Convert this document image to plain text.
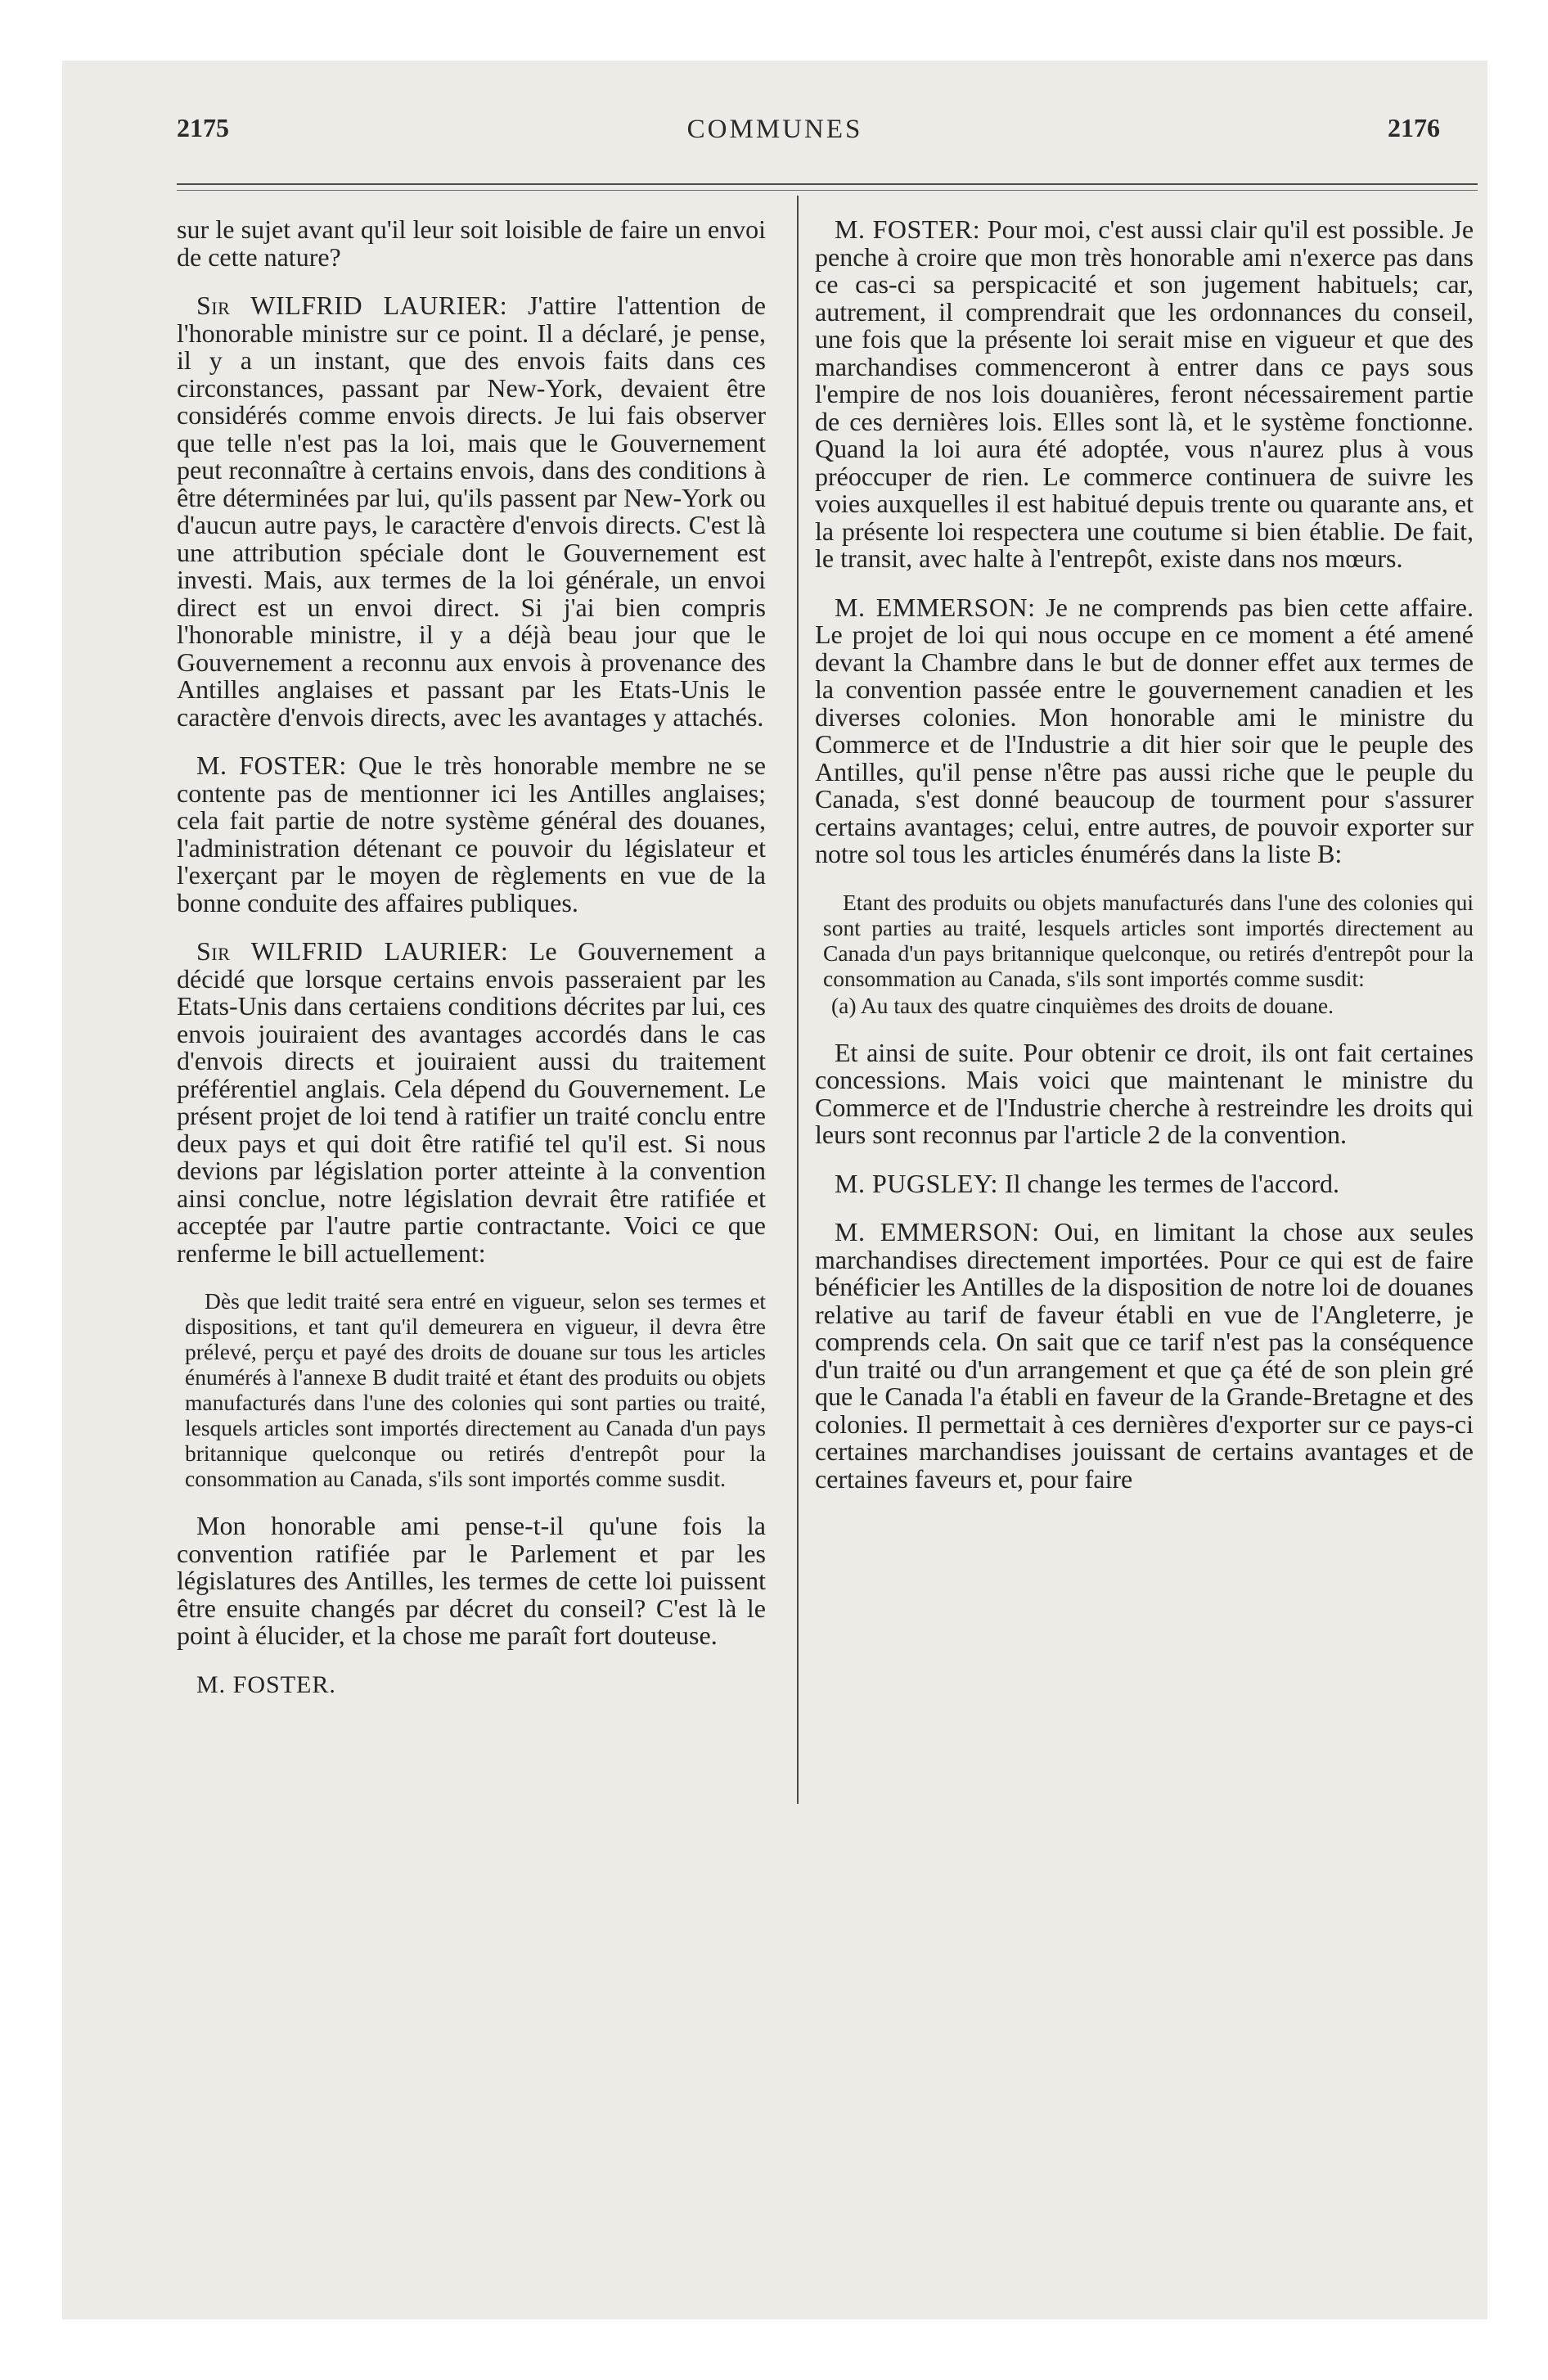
2175	COMMUNES	2176

sur le sujet avant qu'il leur soit loisible de faire un envoi de cette nature?

Sir WILFRID LAURIER: J'attire l'attention de l'honorable ministre sur ce point. Il a déclaré, je pense, il y a un instant, que des envois faits dans ces circonstances, passant par New-York, devaient être considérés comme envois directs. Je lui fais observer que telle n'est pas la loi, mais que le Gouvernement peut reconnaître à certains envois, dans des conditions à être déterminées par lui, qu'ils passent par New-York ou d'aucun autre pays, le caractère d'envois directs. C'est là une attribution spéciale dont le Gouvernement est investi. Mais, aux termes de la loi générale, un envoi direct est un envoi direct. Si j'ai bien compris l'honorable ministre, il y a déjà beau jour que le Gouvernement a reconnu aux envois à provenance des Antilles anglaises et passant par les Etats-Unis le caractère d'envois directs, avec les avantages y attachés.

M. FOSTER: Que le très honorable membre ne se contente pas de mentionner ici les Antilles anglaises; cela fait partie de notre système général des douanes, l'administration détenant ce pouvoir du législateur et l'exerçant par le moyen de règlements en vue de la bonne conduite des affaires publiques.

Sir WILFRID LAURIER: Le Gouvernement a décidé que lorsque certains envois passeraient par les Etats-Unis dans certaiens conditions décrites par lui, ces envois jouiraient des avantages accordés dans le cas d'envois directs et jouiraient aussi du traitement préférentiel anglais. Cela dépend du Gouvernement. Le présent projet de loi tend à ratifier un traité conclu entre deux pays et qui doit être ratifié tel qu'il est. Si nous devions par législation porter atteinte à la convention ainsi conclue, notre législation devrait être ratifiée et acceptée par l'autre partie contractante. Voici ce que renferme le bill actuellement:

Dès que ledit traité sera entré en vigueur, selon ses termes et dispositions, et tant qu'il demeurera en vigueur, il devra être prélevé, perçu et payé des droits de douane sur tous les articles énumérés à l'annexe B dudit traité et étant des produits ou objets manufacturés dans l'une des colonies qui sont parties ou traité, lesquels articles sont importés directement au Canada d'un pays britannique quelconque ou retirés d'entrepôt pour la consommation au Canada, s'ils sont importés comme susdit.

Mon honorable ami pense-t-il qu'une fois la convention ratifiée par le Parlement et par les législatures des Antilles, les termes de cette loi puissent être ensuite changés par décret du conseil? C'est là le point à élucider, et la chose me paraît fort douteuse.

M. FOSTER.

M. FOSTER: Pour moi, c'est aussi clair qu'il est possible. Je penche à croire que mon très honorable ami n'exerce pas dans ce cas-ci sa perspicacité et son jugement habituels; car, autrement, il comprendrait que les ordonnances du conseil, une fois que la présente loi serait mise en vigueur et que des marchandises commenceront à entrer dans ce pays sous l'empire de nos lois douanières, feront nécessairement partie de ces dernières lois. Elles sont là, et le système fonctionne. Quand la loi aura été adoptée, vous n'aurez plus à vous préoccuper de rien. Le commerce continuera de suivre les voies auxquelles il est habitué depuis trente ou quarante ans, et la présente loi respectera une coutume si bien établie. De fait, le transit, avec halte à l'entrepôt, existe dans nos mœurs.

M. EMMERSON: Je ne comprends pas bien cette affaire. Le projet de loi qui nous occupe en ce moment a été amené devant la Chambre dans le but de donner effet aux termes de la convention passée entre le gouvernement canadien et les diverses colonies. Mon honorable ami le ministre du Commerce et de l'Industrie a dit hier soir que le peuple des Antilles, qu'il pense n'être pas aussi riche que le peuple du Canada, s'est donné beaucoup de tourment pour s'assurer certains avantages; celui, entre autres, de pouvoir exporter sur notre sol tous les articles énumérés dans la liste B:

Etant des produits ou objets manufacturés dans l'une des colonies qui sont parties au traité, lesquels articles sont importés directement au Canada d'un pays britannique quelconque, ou retirés d'entrepôt pour la consommation au Canada, s'ils sont importés comme susdit:
(a) Au taux des quatre cinquièmes des droits de douane.

Et ainsi de suite. Pour obtenir ce droit, ils ont fait certaines concessions. Mais voici que maintenant le ministre du Commerce et de l'Industrie cherche à restreindre les droits qui leurs sont reconnus par l'article 2 de la convention.

M. PUGSLEY: Il change les termes de l'accord.

M. EMMERSON: Oui, en limitant la chose aux seules marchandises directement importées. Pour ce qui est de faire bénéficier les Antilles de la disposition de notre loi de douanes relative au tarif de faveur établi en vue de l'Angleterre, je comprends cela. On sait que ce tarif n'est pas la conséquence d'un traité ou d'un arrangement et que ça été de son plein gré que le Canada l'a établi en faveur de la Grande-Bretagne et des colonies. Il permettait à ces dernières d'exporter sur ce pays-ci certaines marchandises jouissant de certains avantages et de certaines faveurs et, pour faire
